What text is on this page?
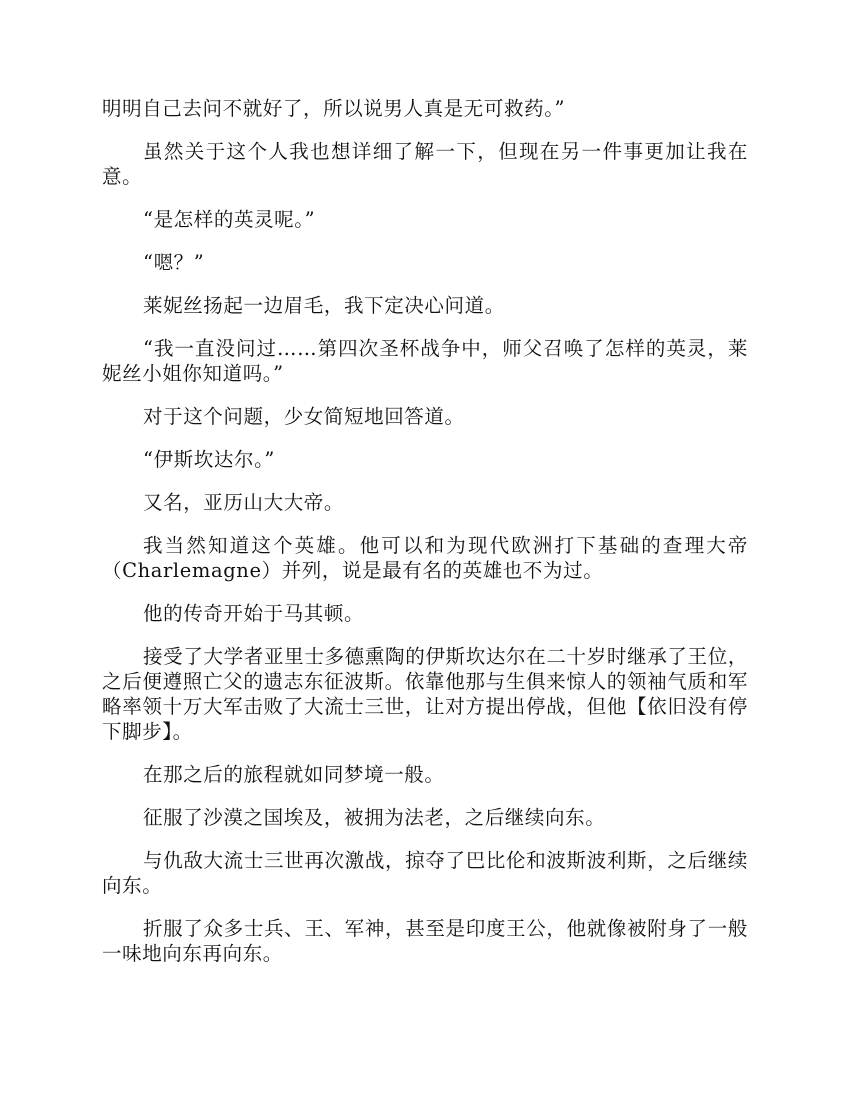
明明自己去问不就好了，所以说男人真是无可救药。”

虽然关于这个人我也想详细了解一下，但现在另一件事更加让我在意。

“是怎样的英灵呢。”

“嗯？”

莱妮丝扬起一边眉毛，我下定决心问道。

“我一直没问过……第四次圣杯战争中，师父召唤了怎样的英灵，莱妮丝小姐你知道吗。”

对于这个问题，少女简短地回答道。

“伊斯坎达尔。”

又名，亚历山大大帝。

我当然知道这个英雄。他可以和为现代欧洲打下基础的查理大帝（Charlemagne）并列，说是最有名的英雄也不为过。

他的传奇开始于马其顿。

接受了大学者亚里士多德熏陶的伊斯坎达尔在二十岁时继承了王位，之后便遵照亡父的遗志东征波斯。依靠他那与生俱来惊人的领袖气质和军略率领十万大军击败了大流士三世，让对方提出停战，但他【依旧没有停下脚步】。

在那之后的旅程就如同梦境一般。

征服了沙漠之国埃及，被拥为法老，之后继续向东。

与仇敌大流士三世再次激战，掠夺了巴比伦和波斯波利斯，之后继续向东。

折服了众多士兵、王、军神，甚至是印度王公，他就像被附身了一般一味地向东再向东。
